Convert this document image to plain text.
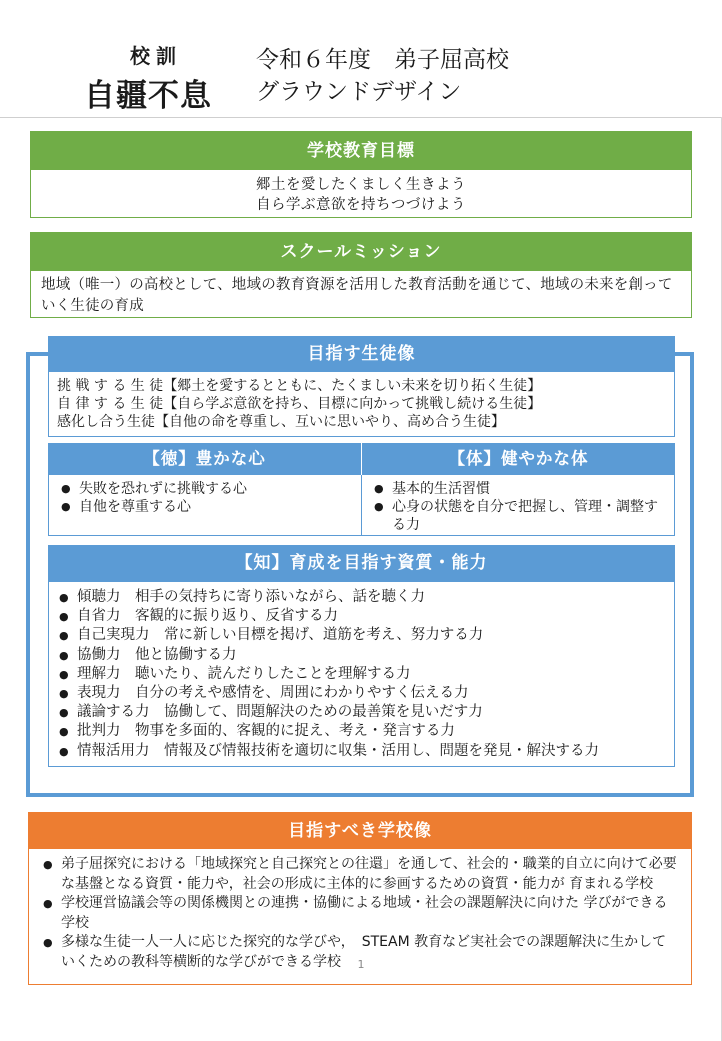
校訓
自疆不息
令和６年度　弟子屈高校
グラウンドデザイン
学校教育目標
郷土を愛したくましく生きよう
自ら学ぶ意欲を持ちつづけよう
スクールミッション
地域（唯一）の高校として、地域の教育資源を活用した教育活動を通じて、地域の未来を創っていく生徒の育成
目指す生徒像
挑 戦 す る 生 徒【郷土を愛するとともに、たくましい未来を切り拓く生徒】
自 律 す る 生 徒【自ら学ぶ意欲を持ち、目標に向かって挑戦し続ける生徒】
感化し合う生徒【自他の命を尊重し、互いに思いやり、高め合う生徒】
【徳】豊かな心	【体】健やかな体
● 失敗を恐れずに挑戦する心
● 自他を尊重する心
● 基本的生活習慣
● 心身の状態を自分で把握し、管理・調整する力
【知】育成を目指す資質・能力
● 傾聴力　相手の気持ちに寄り添いながら、話を聴く力
● 自省力　客観的に振り返り、反省する力
● 自己実現力　常に新しい目標を掲げ、道筋を考え、努力する力
● 協働力　他と協働する力
● 理解力　聴いたり、読んだりしたことを理解する力
● 表現力　自分の考えや感情を、周囲にわかりやすく伝える力
● 議論する力　協働して、問題解決のための最善策を見いだす力
● 批判力　物事を多面的、客観的に捉え、考え・発言する力
● 情報活用力　情報及び情報技術を適切に収集・活用し、問題を発見・解決する力
目指すべき学校像
● 弟子屈探究における「地域探究と自己探究との往還」を通して、社会的・職業的自立に向けて必要な基盤となる資質・能力や，社会の形成に主体的に参画するための資質・能力が 育まれる学校
● 学校運営協議会等の関係機関との連携・協働による地域・社会の課題解決に向けた 学びができる学校
● 多様な生徒一人一人に応じた探究的な学びや，　STEAM 教育など実社会での課題解決に生かしていくための教科等横断的な学びができる学校	1
